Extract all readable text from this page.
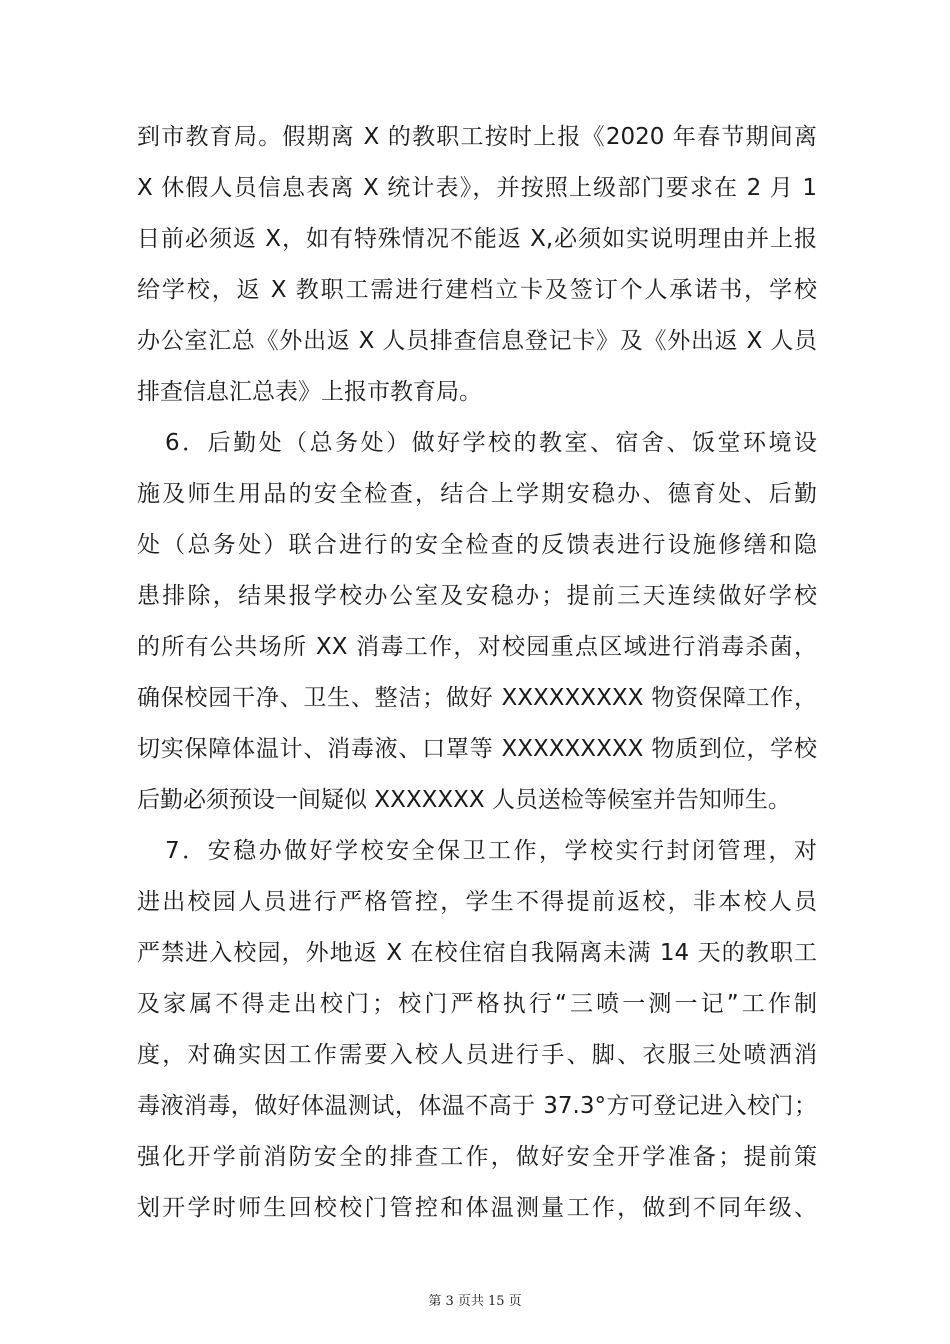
到市教育局。假期离 X 的教职工按时上报《2020 年春节期间离
X 休假人员信息表离 X 统计表》，并按照上级部门要求在 2 月 1
日前必须返 X，如有特殊情况不能返 X,必须如实说明理由并上报
给学校，返 X 教职工需进行建档立卡及签订个人承诺书，学校
办公室汇总《外出返 X 人员排查信息登记卡》及《外出返 X 人员
排查信息汇总表》上报市教育局。
6．后勤处（总务处）做好学校的教室、宿舍、饭堂环境设
施及师生用品的安全检查，结合上学期安稳办、德育处、后勤
处（总务处）联合进行的安全检查的反馈表进行设施修缮和隐
患排除，结果报学校办公室及安稳办；提前三天连续做好学校
的所有公共场所 XX 消毒工作，对校园重点区域进行消毒杀菌，
确保校园干净、卫生、整洁；做好 XXXXXXXXX 物资保障工作，
切实保障体温计、消毒液、口罩等 XXXXXXXXX 物质到位，学校
后勤必须预设一间疑似 XXXXXXX 人员送检等候室并告知师生。
7．安稳办做好学校安全保卫工作，学校实行封闭管理，对
进出校园人员进行严格管控，学生不得提前返校，非本校人员
严禁进入校园，外地返 X 在校住宿自我隔离未满 14 天的教职工
及家属不得走出校门；校门严格执行“三喷一测一记”工作制
度，对确实因工作需要入校人员进行手、脚、衣服三处喷洒消
毒液消毒，做好体温测试，体温不高于 37.3°方可登记进入校门；
强化开学前消防安全的排查工作，做好安全开学准备；提前策
划开学时师生回校校门管控和体温测量工作，做到不同年级、
第 3 页共 15 页
